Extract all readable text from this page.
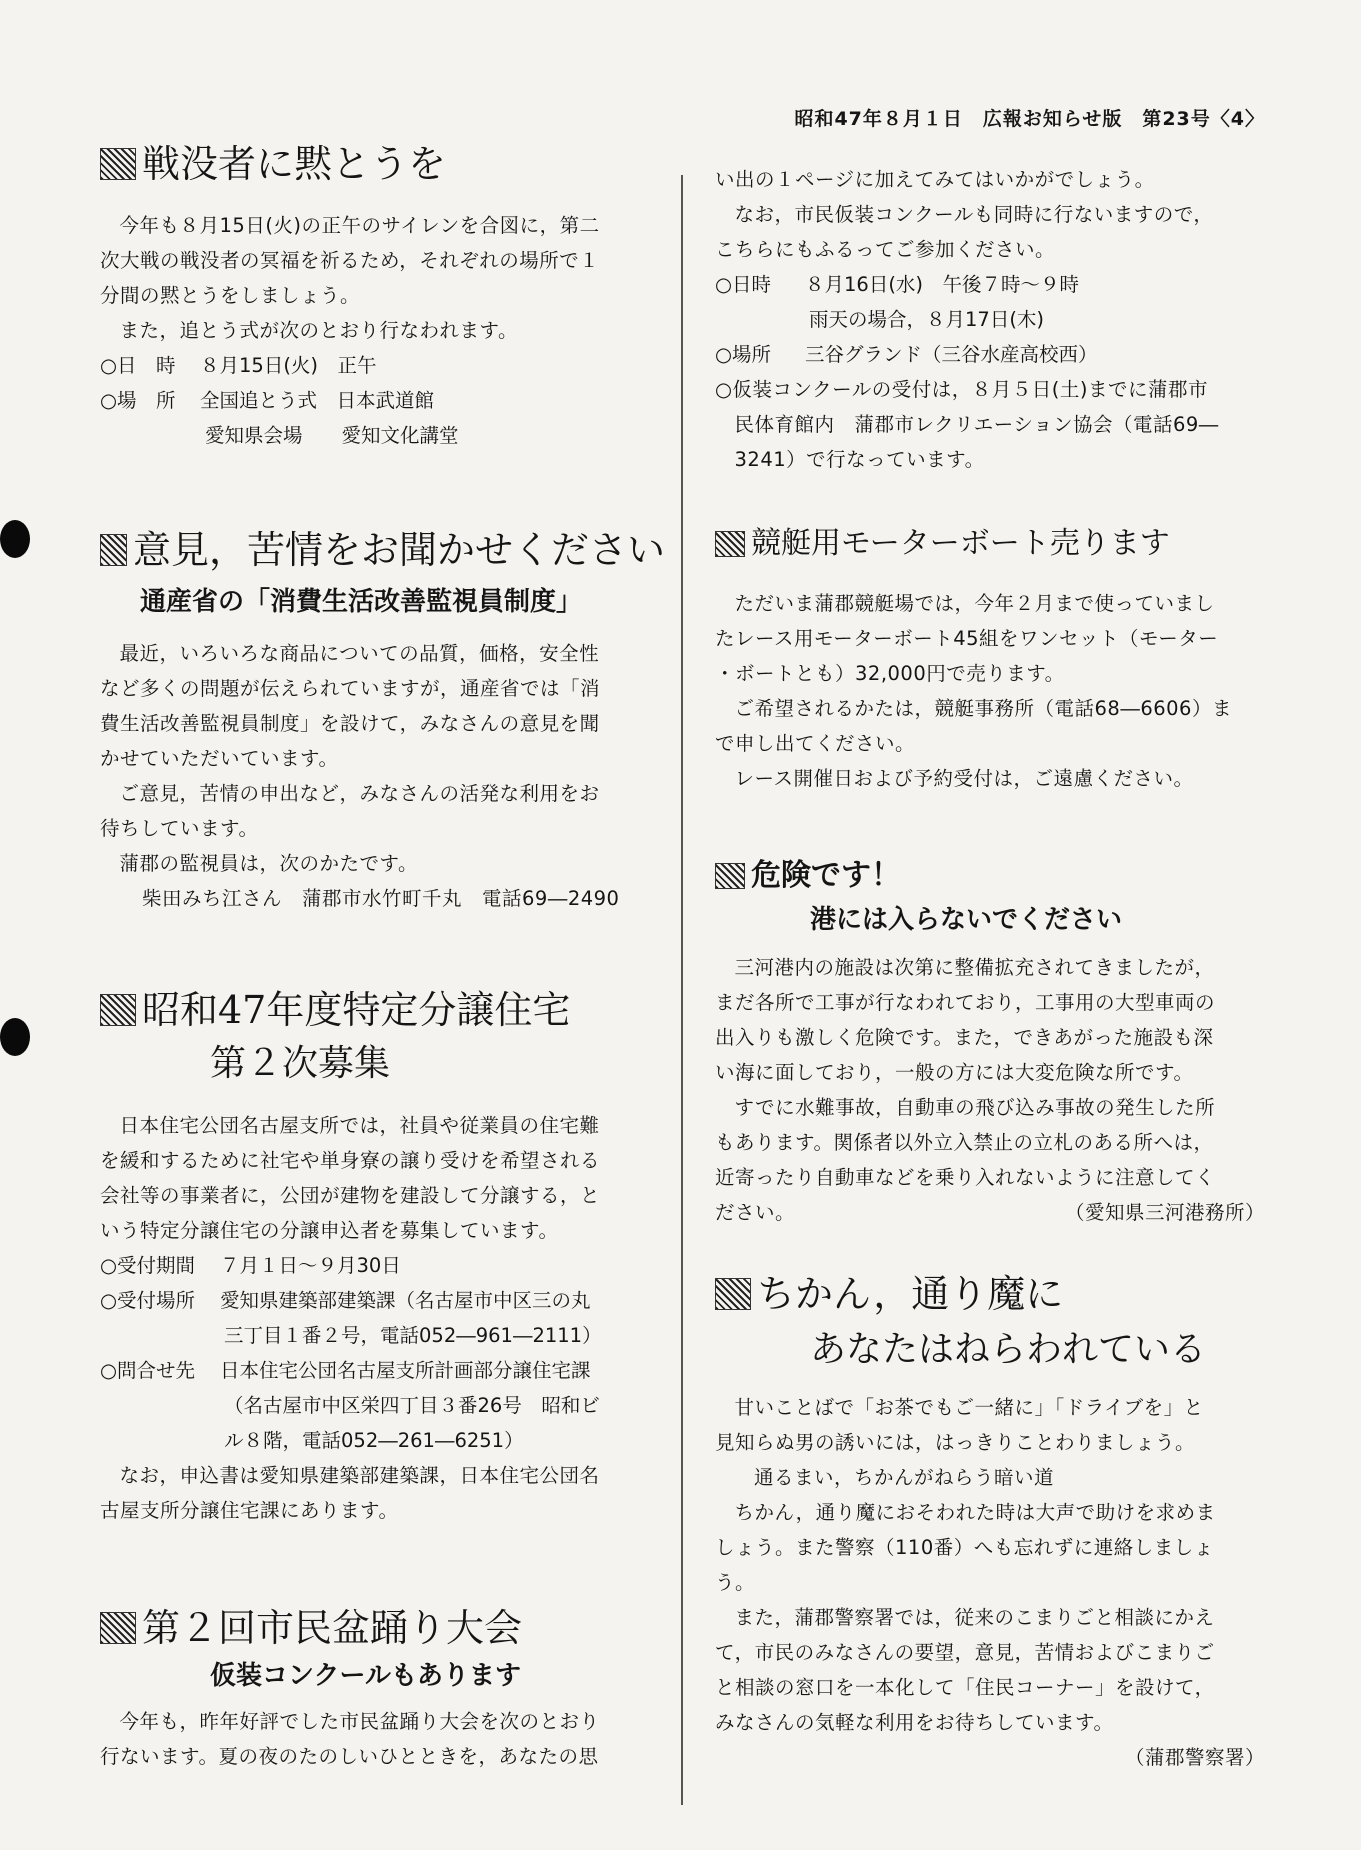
昭和47年８月１日　広報お知らせ版　第23号〈4〉
戦没者に黙とうを

今年も８月15日(火)の正午のサイレンを合図に，第二

次大戦の戦没者の冥福を祈るため，それぞれの場所で１

分間の黙とうをしましょう。

また，追とう式が次のとおり行なわれます。

○日　時	８月15日(火)　正午
○場　所	全国追とう式　日本武道館
愛知県会場　　愛知文化講堂
意見，苦情をお聞かせください
通産省の「消費生活改善監視員制度」

最近，いろいろな商品についての品質，価格，安全性

など多くの問題が伝えられていますが，通産省では「消

費生活改善監視員制度」を設けて，みなさんの意見を聞

かせていただいています。

ご意見，苦情の申出など，みなさんの活発な利用をお

待ちしています。

蒲郡の監視員は，次のかたです。

柴田みち江さん　蒲郡市水竹町千丸　電話69―2490

昭和47年度特定分譲住宅
第２次募集

日本住宅公団名古屋支所では，社員や従業員の住宅難

を緩和するために社宅や単身寮の譲り受けを希望される

会社等の事業者に，公団が建物を建設して分譲する，と

いう特定分譲住宅の分譲申込者を募集しています。

○受付期間	７月１日～９月30日
○受付場所	愛知県建築部建築課（名古屋市中区三の丸
三丁目１番２号，電話052―961―2111）
○問合せ先	日本住宅公団名古屋支所計画部分譲住宅課
（名古屋市中区栄四丁目３番26号　昭和ビ
ル８階，電話052―261―6251）

なお，申込書は愛知県建築部建築課，日本住宅公団名

古屋支所分譲住宅課にあります。

第２回市民盆踊り大会
仮装コンクールもあります

今年も，昨年好評でした市民盆踊り大会を次のとおり

行ないます。夏の夜のたのしいひとときを，あなたの思

い出の１ページに加えてみてはいかがでしょう。

なお，市民仮装コンクールも同時に行ないますので，

こちらにもふるってご参加ください。

○日時	８月16日(水)　午後７時～９時
雨天の場合，８月17日(木)
○場所	三谷グランド（三谷水産高校西）

○仮装コンクールの受付は，８月５日(土)までに蒲郡市

民体育館内　蒲郡市レクリエーション協会（電話69―

3241）で行なっています。

競艇用モーターボート売ります

ただいま蒲郡競艇場では，今年２月まで使っていまし

たレース用モーターボート45組をワンセット（モーター

・ボートとも）32,000円で売ります。

ご希望されるかたは，競艇事務所（電話68―6606）ま

で申し出てください。

レース開催日および予約受付は，ご遠慮ください。

危険です！
港には入らないでください

三河港内の施設は次第に整備拡充されてきましたが，

まだ各所で工事が行なわれており，工事用の大型車両の

出入りも激しく危険です。また，できあがった施設も深

い海に面しており，一般の方には大変危険な所です。

すでに水難事故，自動車の飛び込み事故の発生した所

もあります。関係者以外立入禁止の立札のある所へは，

近寄ったり自動車などを乗り入れないように注意してく

ださい。	（愛知県三河港務所）

ちかん，通り魔に
あなたはねらわれている

甘いことばで「お茶でもご一緒に」「ドライブを」と

見知らぬ男の誘いには，はっきりことわりましょう。

通るまい，ちかんがねらう暗い道

ちかん，通り魔におそわれた時は大声で助けを求めま

しょう。また警察（110番）へも忘れずに連絡しましょ

う。

また，蒲郡警察署では，従来のこまりごと相談にかえ

て，市民のみなさんの要望，意見，苦情およびこまりご

と相談の窓口を一本化して「住民コーナー」を設けて，

みなさんの気軽な利用をお待ちしています。

（蒲郡警察署）
